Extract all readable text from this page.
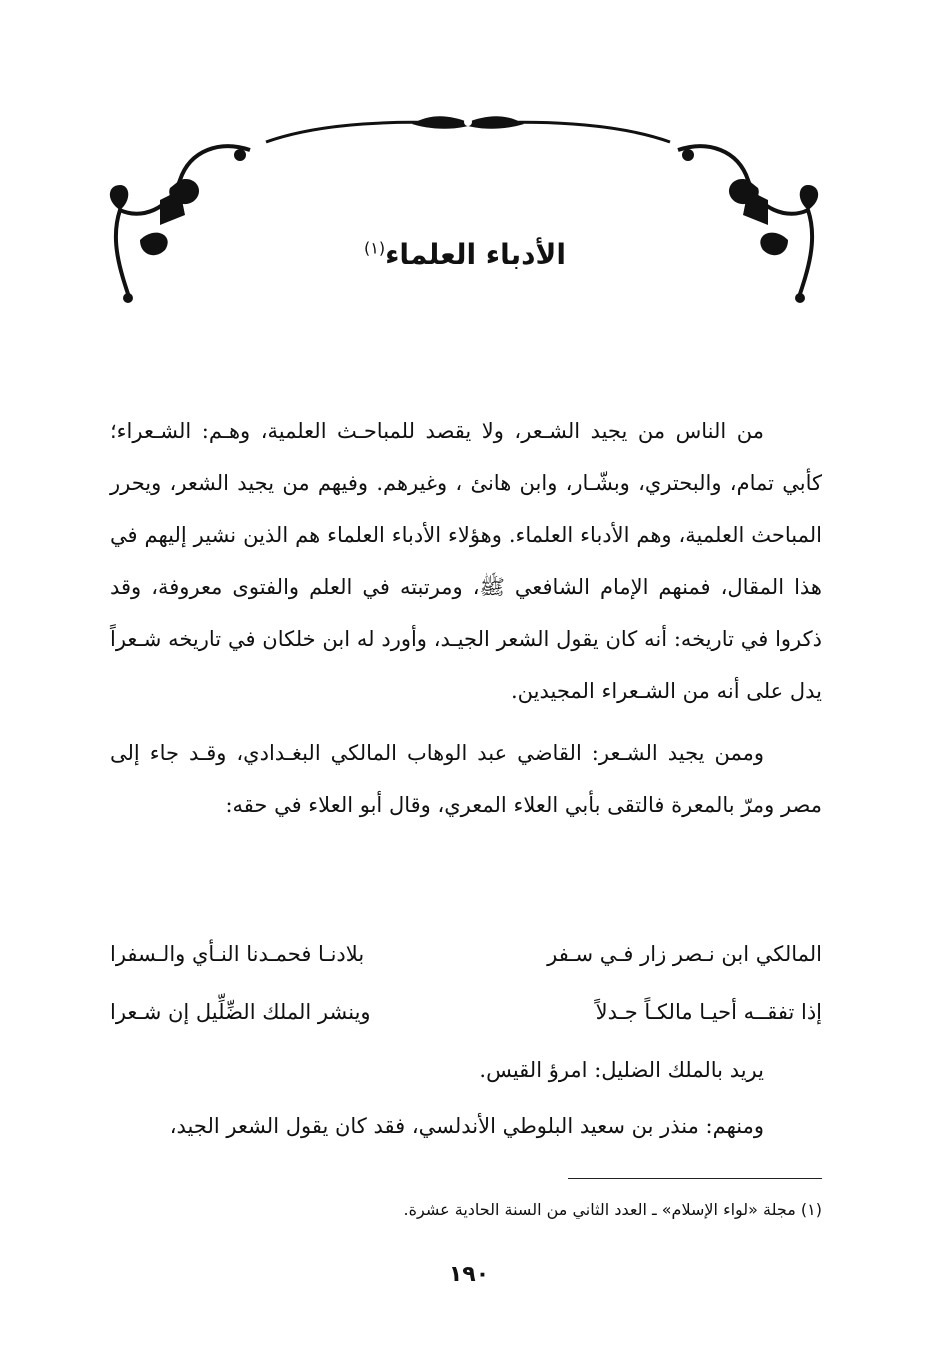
الأدباء العلماء$^{(١)}$

من الناس من يجيد الشـعر، ولا يقصد للمباحـث العلمية، وهـم: الشـعراء؛ كأبي تمام، والبحتري، وبشّـار، وابن هانئ ، وغيرهم. وفيهم من يجيد الشعر، ويحرر المباحث العلمية، وهم الأدباء العلماء. وهؤلاء الأدباء العلماء هم الذين نشير إليهم في هذا المقال، فمنهم الإمام الشافعي ﷺ، ومرتبته في العلم والفتوى معروفة، وقد ذكروا في تاريخه: أنه كان يقول الشعر الجيـد، وأورد له ابن خلكان في تاريخه شـعراً يدل على أنه من الشـعراء المجيدين.

وممن يجيد الشـعر: القاضي عبد الوهاب المالكي البغـدادي، وقـد جاء إلى مصر ومرّ بالمعرة فالتقى بأبي العلاء المعري، وقال أبو العلاء في حقه:

المالكي ابن نـصر زار فـي سـفر
بلادنـا فحمـدنا النـأي والـسفرا
إذا تفقــه أحيـا مالكـاً جـدلاً
وينشر الملك الضِّلِّيل إن شـعرا

يريد بالملك الضليل: امرؤ القيس.

ومنهم: منذر بن سعيد البلوطي الأندلسي، فقد كان يقول الشعر الجيد،

(١) مجلة «لواء الإسلام» ـ العدد الثاني من السنة الحادية عشرة.
١٩٠
